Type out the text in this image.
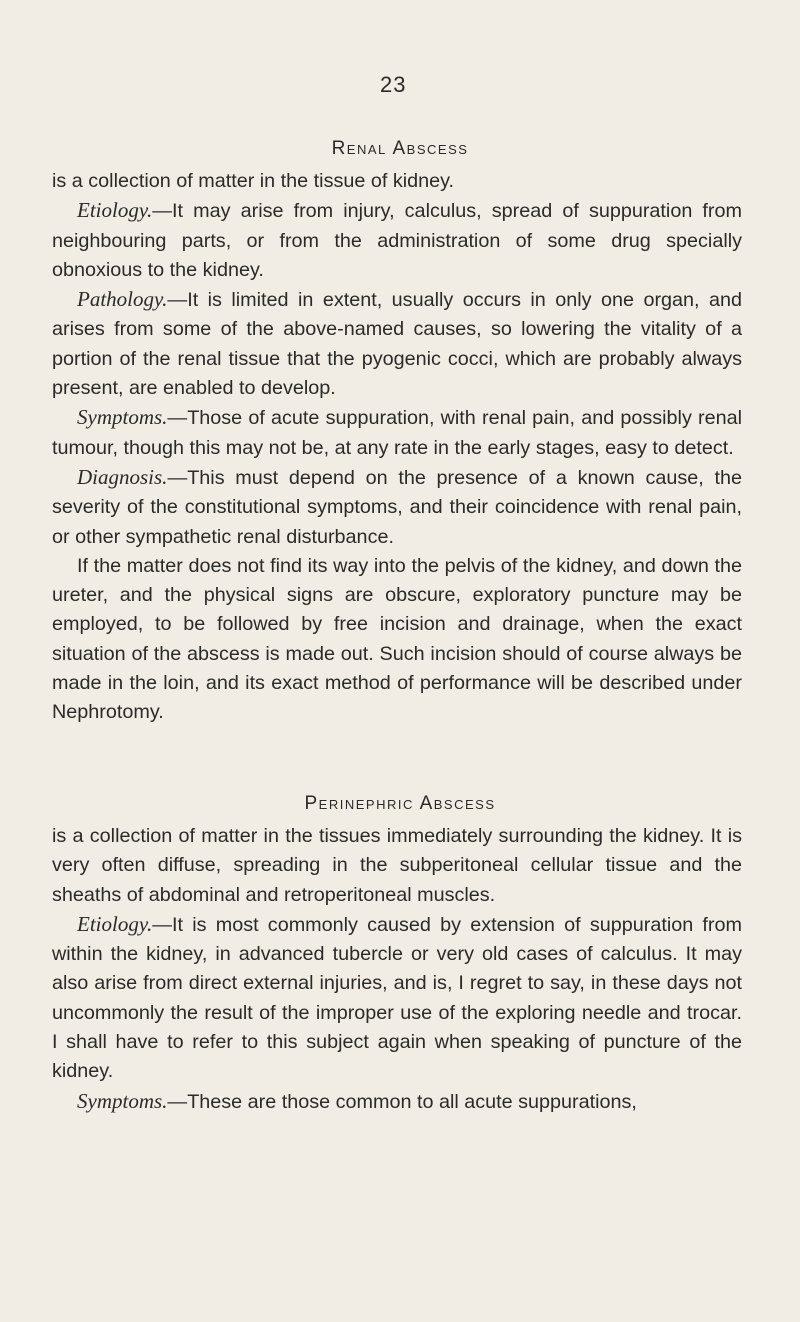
23
Renal Abscess

is a collection of matter in the tissue of kidney.

Etiology.—It may arise from injury, calculus, spread of suppuration from neighbouring parts, or from the administration of some drug specially obnoxious to the kidney.

Pathology.—It is limited in extent, usually occurs in only one organ, and arises from some of the above-named causes, so lowering the vitality of a portion of the renal tissue that the pyogenic cocci, which are probably always present, are enabled to develop.

Symptoms.—Those of acute suppuration, with renal pain, and possibly renal tumour, though this may not be, at any rate in the early stages, easy to detect.

Diagnosis.—This must depend on the presence of a known cause, the severity of the constitutional symptoms, and their coincidence with renal pain, or other sympathetic renal disturbance.

If the matter does not find its way into the pelvis of the kidney, and down the ureter, and the physical signs are obscure, exploratory puncture may be employed, to be followed by free incision and drainage, when the exact situation of the abscess is made out. Such incision should of course always be made in the loin, and its exact method of performance will be described under Nephrotomy.

Perinephric Abscess

is a collection of matter in the tissues immediately surrounding the kidney. It is very often diffuse, spreading in the subperitoneal cellular tissue and the sheaths of abdominal and retroperitoneal muscles.

Etiology.—It is most commonly caused by extension of suppuration from within the kidney, in advanced tubercle or very old cases of calculus. It may also arise from direct external injuries, and is, I regret to say, in these days not uncommonly the result of the improper use of the exploring needle and trocar. I shall have to refer to this subject again when speaking of puncture of the kidney.

Symptoms.—These are those common to all acute suppurations,
